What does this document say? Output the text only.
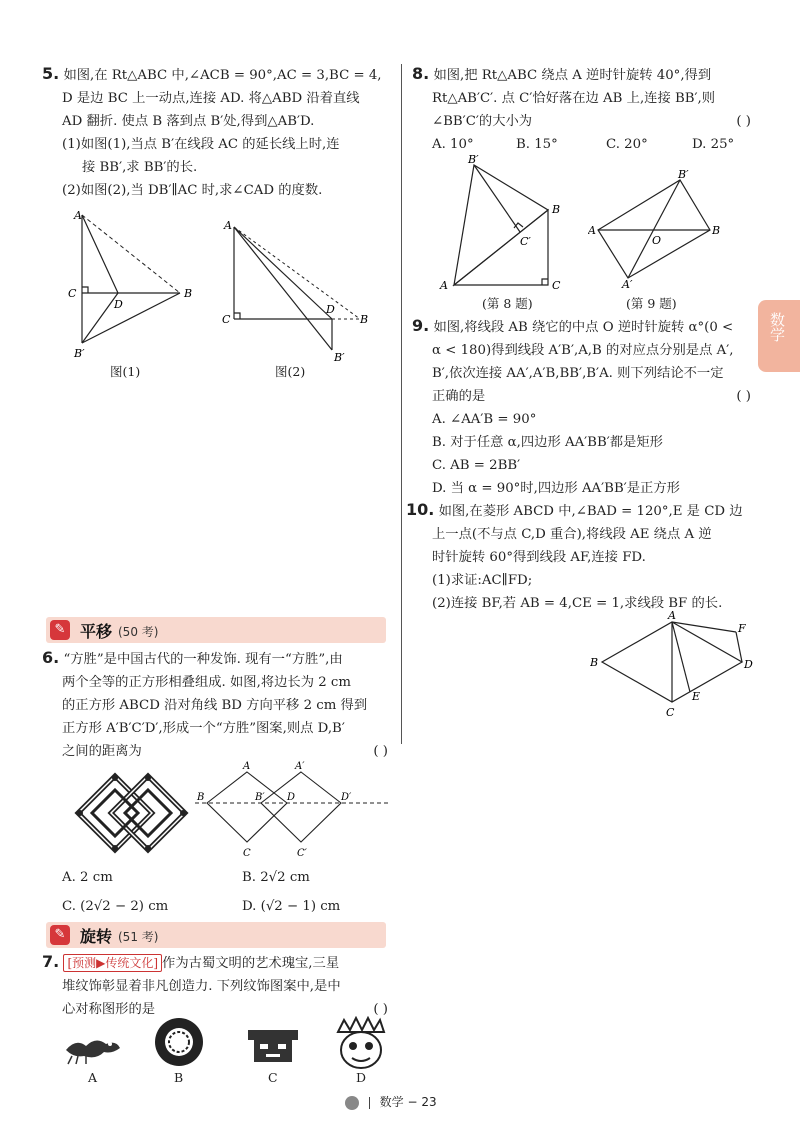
5. 如图,在 Rt△ABC 中,∠ACB = 90°,AC = 3,BC = 4,

D 是边 BC 上一动点,连接 AD. 将△ABD 沿着直线

AD 翻折. 使点 B 落到点 B′处,得到△AB′D.

(1)如图(1),当点 B′在线段 AC 的延长线上时,连

接 BB′,求 BB′的长.

(2)如图(2),当 DB′∥AC 时,求∠CAD 的度数.

A
C
D
B
B′
图(1)
A
C
D
B
B′
图(2)
✎ 平移 (50 考)

6. “方胜”是中国古代的一种发饰. 现有一“方胜”,由

两个全等的正方形相叠组成. 如图,将边长为 2 cm

的正方形 ABCD 沿对角线 BD 方向平移 2 cm 得到

正方形 A′B′C′D′,形成一个“方胜”图案,则点 D,B′

之间的距离为	( )

A	A′
B	B′ D	D′
C	C′

A. 2 cm	B. 2√2 cm

C. (2√2 − 2) cm	D. (√2 − 1) cm

✎ 旋转 (51 考)

7. [预测▶传统文化] 作为古蜀文明的艺术瑰宝,三星

堆纹饰彰显着非凡创造力. 下列纹饰图案中,是中

心对称图形的是	( )

A	B	C	D

8. 如图,把 Rt△ABC 绕点 A 逆时针旋转 40°,得到

Rt△AB′C′. 点 C′恰好落在边 AB 上,连接 BB′,则

∠BB′C′的大小为	( )

A. 10°	B. 15°	C. 20°	D. 25°

B′
B
C′
A	C
(第 8 题)
B′
A
O
B
A′
(第 9 题)

9. 如图,将线段 AB 绕它的中点 O 逆时针旋转 α°(0 <

α < 180)得到线段 A′B′,A,B 的对应点分别是点 A′,

B′,依次连接 AA′,A′B,BB′,B′A. 则下列结论不一定

正确的是	( )

A. ∠AA′B = 90°

B. 对于任意 α,四边形 AA′BB′都是矩形

C. AB = 2BB′

D. 当 α = 90°时,四边形 AA′BB′是正方形

10. 如图,在菱形 ABCD 中,∠BAD = 120°,E 是 CD 边

上一点(不与点 C,D 重合),将线段 AE 绕点 A 逆

时针旋转 60°得到线段 AF,连接 FD.

(1)求证:AC∥FD;

(2)连接 BF,若 AB = 4,CE = 1,求线段 BF 的长.

A
F
B	D
E
C
数学
数学 − 23
